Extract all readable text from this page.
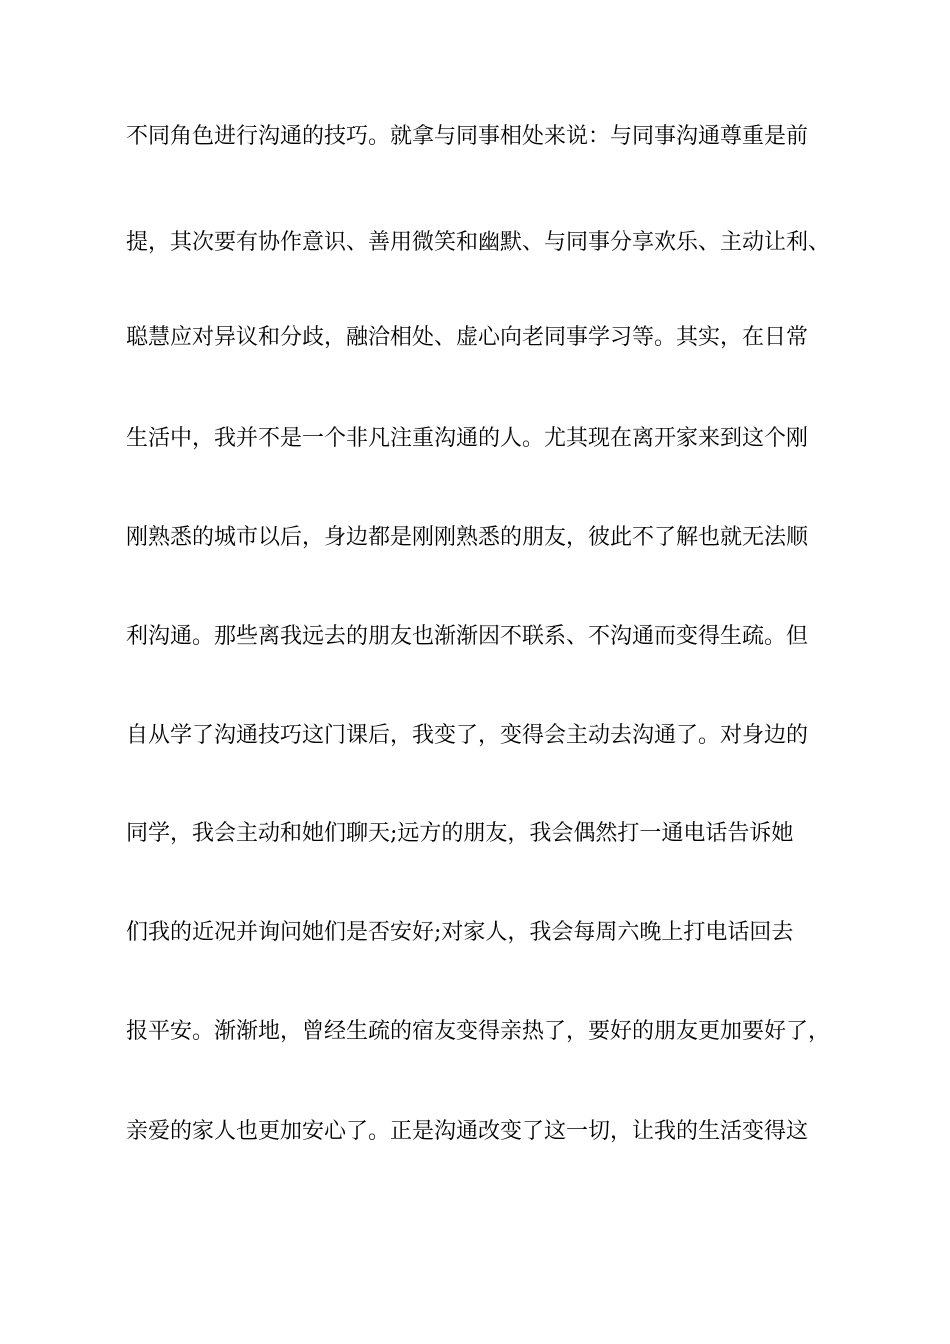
不同角色进行沟通的技巧。就拿与同事相处来说：与同事沟通尊重是前
提，其次要有协作意识、善用微笑和幽默、与同事分享欢乐、主动让利、
聪慧应对异议和分歧，融洽相处、虚心向老同事学习等。其实，在日常
生活中，我并不是一个非凡注重沟通的人。尤其现在离开家来到这个刚
刚熟悉的城市以后，身边都是刚刚熟悉的朋友，彼此不了解也就无法顺
利沟通。那些离我远去的朋友也渐渐因不联系、不沟通而变得生疏。但
自从学了沟通技巧这门课后，我变了，变得会主动去沟通了。对身边的
同学，我会主动和她们聊天;远方的朋友，我会偶然打一通电话告诉她
们我的近况并询问她们是否安好;对家人，我会每周六晚上打电话回去
报平安。渐渐地，曾经生疏的宿友变得亲热了，要好的朋友更加要好了，
亲爱的家人也更加安心了。正是沟通改变了这一切，让我的生活变得这
